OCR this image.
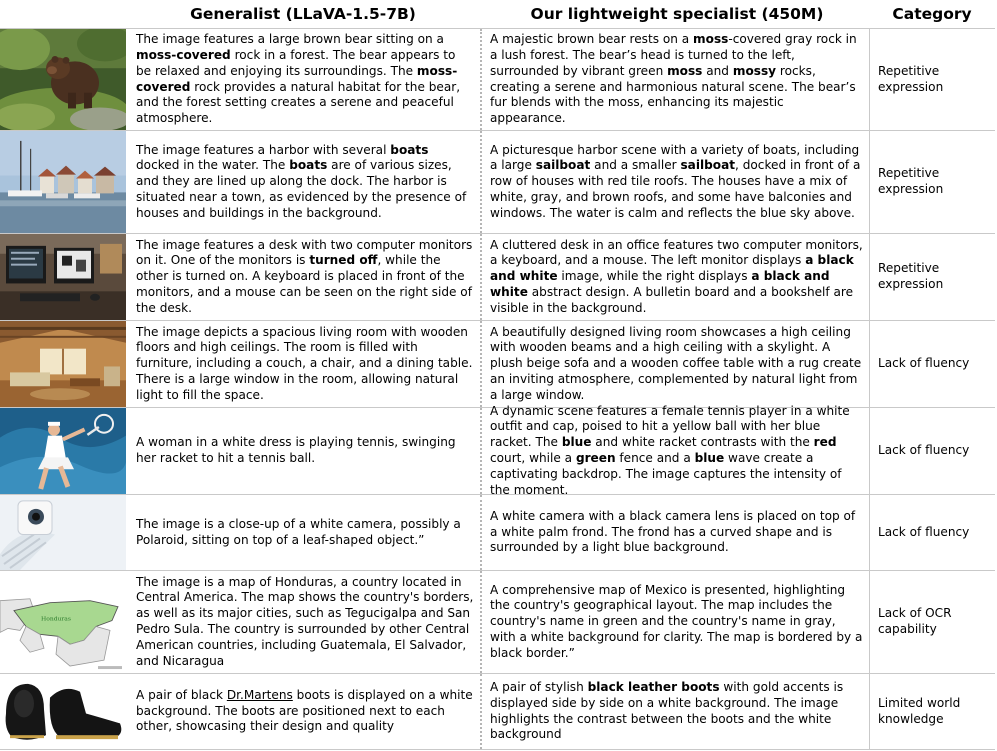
Generalist (LLaVA-1.5-7B)	Our lightweight specialist (450M)	Category
The image features a large brown bear sitting on a moss-covered rock in a forest. The bear appears to be relaxed and enjoying its surroundings. The moss-covered rock provides a natural habitat for the bear, and the forest setting creates a serene and peaceful atmosphere.
A majestic brown bear rests on a moss-covered gray rock in a lush forest. The bear’s head is turned to the left, surrounded by vibrant green moss and mossy rocks, creating a serene and harmonious natural scene. The bear’s fur blends with the moss, enhancing its majestic appearance.
Repetitive expression
The image features a harbor with several boats docked in the water. The boats are of various sizes, and they are lined up along the dock. The harbor is situated near a town, as evidenced by the presence of houses and buildings in the background.
A picturesque harbor scene with a variety of boats, including a large sailboat and a smaller sailboat, docked in front of a row of houses with red tile roofs. The houses have a mix of white, gray, and brown roofs, and some have balconies and windows. The water is calm and reflects the blue sky above.
Repetitive expression
The image features a desk with two computer monitors on it. One of the monitors is turned off, while the other is turned on. A keyboard is placed in front of the monitors, and a mouse can be seen on the right side of the desk.
A cluttered desk in an office features two computer monitors, a keyboard, and a mouse. The left monitor displays a black and white image, while the right displays a black and white abstract design. A bulletin board and a bookshelf are visible in the background.
Repetitive expression
The image depicts a spacious living room with wooden floors and high ceilings. The room is filled with furniture, including a couch, a chair, and a dining table. There is a large window in the room, allowing natural light to fill the space.
A beautifully designed living room showcases a high ceiling with wooden beams and a high ceiling with a skylight. A plush beige sofa and a wooden coffee table with a rug create an inviting atmosphere, complemented by natural light from a large window.
Lack of fluency
A woman in a white dress is playing tennis, swinging her racket to hit a tennis ball.
A dynamic scene features a female tennis player in a white outfit and cap, poised to hit a yellow ball with her blue racket. The blue and white racket contrasts with the red court, while a green fence and a blue wave create a captivating backdrop. The image captures the intensity of the moment.
Lack of fluency
The image is a close-up of a white camera, possibly a Polaroid, sitting on top of a leaf-shaped object.”
A white camera with a black camera lens is placed on top of a white palm frond. The frond has a curved shape and is surrounded by a light blue background.
Lack of fluency
Honduras
The image is a map of Honduras, a country located in Central America. The map shows the country's borders, as well as its major cities, such as Tegucigalpa and San Pedro Sula. The country is surrounded by other Central American countries, including Guatemala, El Salvador, and Nicaragua
A comprehensive map of Mexico is presented, highlighting the country's geographical layout. The map includes the country's name in green and the country's name in gray, with a white background for clarity. The map is bordered by a black border.”
Lack of OCR capability
A pair of black Dr.Martens boots is displayed on a white background. The boots are positioned next to each other, showcasing their design and quality
A pair of stylish black leather boots with gold accents is displayed side by side on a white background. The image highlights the contrast between the boots and the white background
Limited world knowledge
